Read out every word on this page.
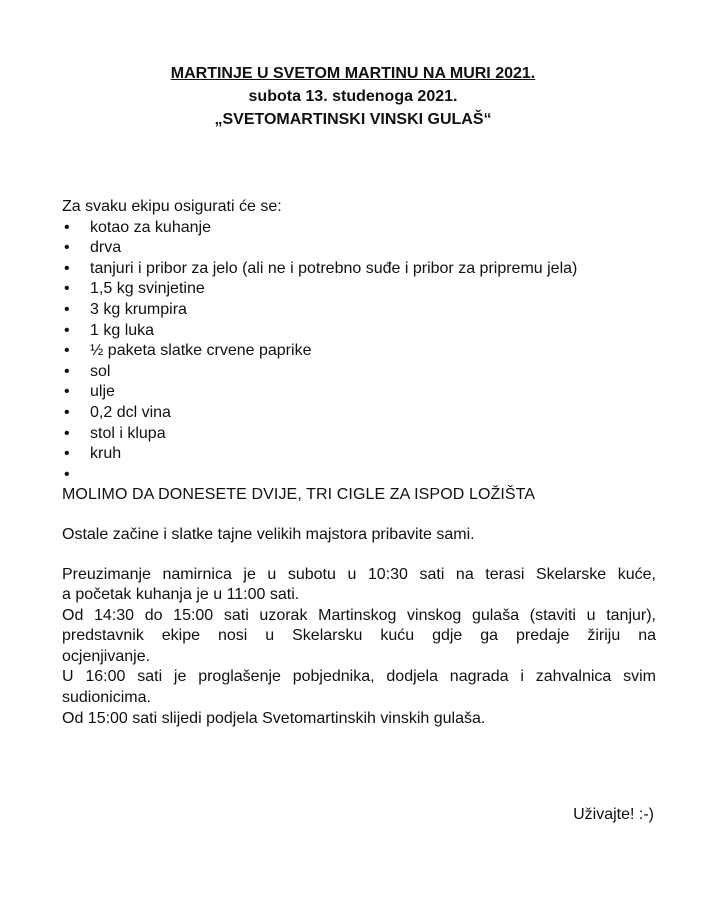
MARTINJE U SVETOM MARTINU NA MURI 2021.
subota 13. studenoga 2021.
„SVETOMARTINSKI VINSKI GULAŠ“

Za svaku ekipu osigurati će se:

• kotao za kuhanje
• drva
• tanjuri i pribor za jelo (ali ne i potrebno suđe i pribor za pripremu jela)
• 1,5 kg svinjetine
• 3 kg krumpira
• 1 kg luka
• ½ paketa slatke crvene paprike
• sol
• ulje
• 0,2 dcl vina
• stol i klupa
• kruh
•

MOLIMO DA DONESETE DVIJE, TRI CIGLE ZA ISPOD LOŽIŠTA

Ostale začine i slatke tajne velikih majstora pribavite sami.

Preuzimanje namirnica je u subotu u 10:30 sati na terasi Skelarske kuće,
a početak kuhanja je u 11:00 sati.
Od 14:30 do 15:00 sati uzorak Martinskog vinskog gulaša (staviti u tanjur),
predstavnik ekipe nosi u Skelarsku kuću gdje ga predaje žiriju na
ocjenjivanje.
U 16:00 sati je proglašenje pobjednika, dodjela nagrada i zahvalnica svim
sudionicima.
Od 15:00 sati slijedi podjela Svetomartinskih vinskih gulaša.
Uživajte! :-)
